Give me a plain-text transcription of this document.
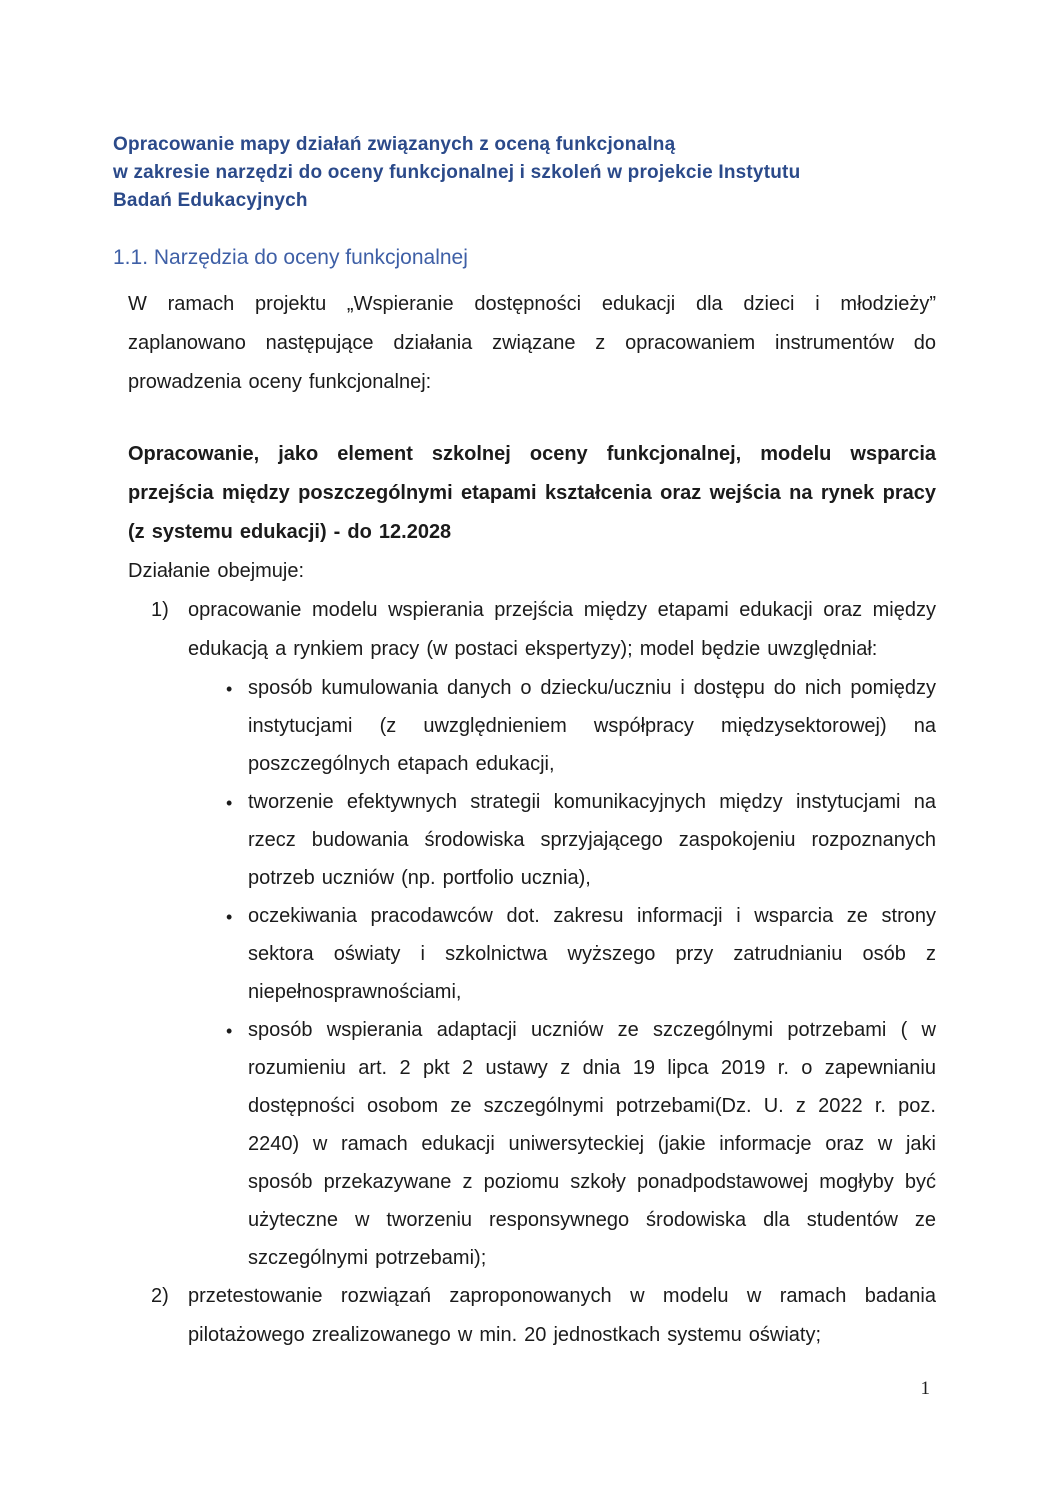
Opracowanie mapy działań związanych z oceną funkcjonalną
w zakresie narzędzi do oceny funkcjonalnej i szkoleń w projekcie Instytutu
Badań Edukacyjnych
1.1. Narzędzia do oceny funkcjonalnej

W ramach projektu „Wspieranie dostępności edukacji dla dzieci i młodzieży” zaplanowano następujące działania związane z opracowaniem instrumentów do prowadzenia oceny funkcjonalnej:

Opracowanie, jako element szkolnej oceny funkcjonalnej, modelu wsparcia przejścia między poszczególnymi etapami kształcenia oraz wejścia na rynek pracy (z systemu edukacji) - do 12.2028

Działanie obejmuje:

1) opracowanie modelu wspierania przejścia między etapami edukacji oraz między edukacją a rynkiem pracy (w postaci ekspertyzy); model będzie uwzględniał:
• sposób kumulowania danych o dziecku/uczniu i dostępu do nich pomiędzy instytucjami (z uwzględnieniem współpracy międzysektorowej) na poszczególnych etapach edukacji,
• tworzenie efektywnych strategii komunikacyjnych między instytucjami na rzecz budowania środowiska sprzyjającego zaspokojeniu rozpoznanych potrzeb uczniów (np. portfolio ucznia),
• oczekiwania pracodawców dot. zakresu informacji i wsparcia ze strony sektora oświaty i szkolnictwa wyższego przy zatrudnianiu osób z niepełnosprawnościami,
• sposób wspierania adaptacji uczniów ze szczególnymi potrzebami ( w rozumieniu art. 2 pkt 2 ustawy z dnia 19 lipca 2019 r. o zapewnianiu dostępności osobom ze szczególnymi potrzebami(Dz. U. z 2022 r. poz. 2240) w ramach edukacji uniwersyteckiej (jakie informacje oraz w jaki sposób przekazywane z poziomu szkoły ponadpodstawowej mogłyby być użyteczne w tworzeniu responsywnego środowiska dla studentów ze szczególnymi potrzebami);
2) przetestowanie rozwiązań zaproponowanych w modelu w ramach badania pilotażowego zrealizowanego w min. 20 jednostkach systemu oświaty;
1
